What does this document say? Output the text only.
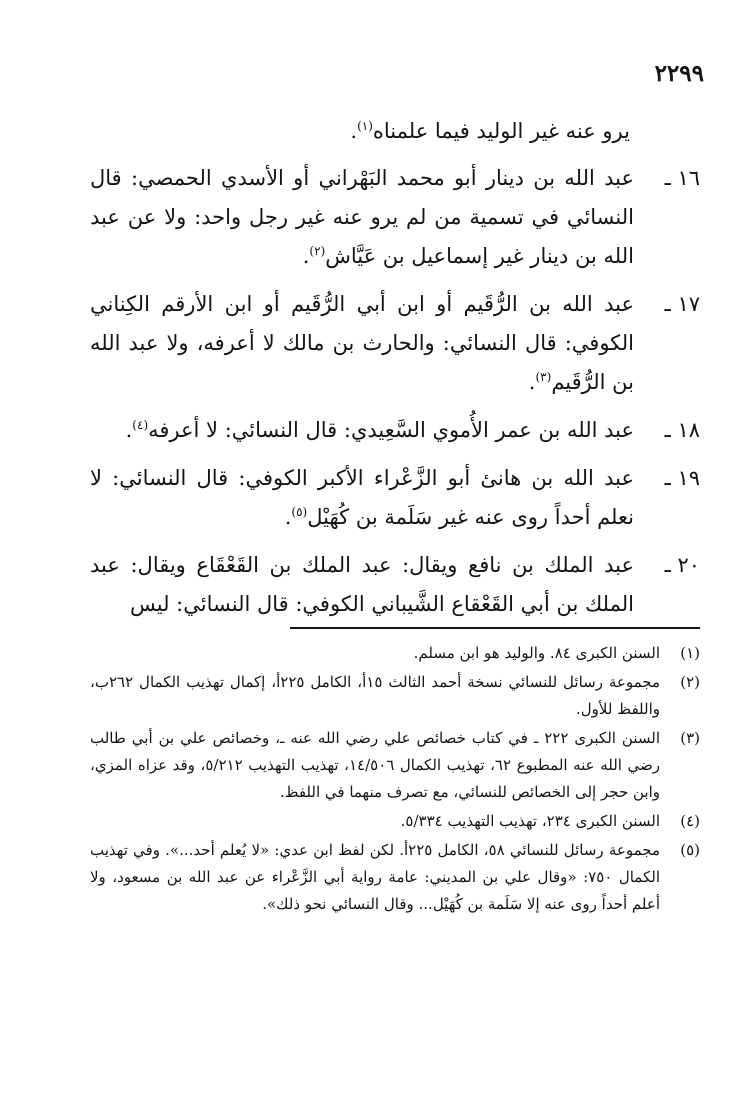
٢٢٩٩

يرو عنه غير الوليد فيما علمناه$^{(١)}$.

١٦ ـ
عبد الله بن دينار أبو محمد البَهْراني أو الأسدي الحمصي: قال النسائي في تسمية من لم يرو عنه غير رجل واحد: ولا عن عبد الله بن دينار غير إسماعيل بن عَيَّاش$^{(٢)}$.
١٧ ـ
عبد الله بن الرُّقَيم أو ابن أبي الرُّقَيم أو ابن الأرقم الكِناني الكوفي: قال النسائي: والحارث بن مالك لا أعرفه، ولا عبد الله بن الرُّقَيم$^{(٣)}$.
١٨ ـ
عبد الله بن عمر الأُموي السَّعِيدي: قال النسائي: لا أعرفه$^{(٤)}$.
١٩ ـ
عبد الله بن هانئ أبو الزَّعْراء الأكبر الكوفي: قال النسائي: لا نعلم أحداً روى عنه غير سَلَمة بن كُهَيْل$^{(٥)}$.
٢٠ ـ
عبد الملك بن نافع ويقال: عبد الملك بن القَعْقَاع ويقال: عبد الملك بن أبي القَعْقاع الشَّيباني الكوفي: قال النسائي: ليس
(١)
السنن الكبرى ٨٤. والوليد هو ابن مسلم.
(٢)
مجموعة رسائل للنسائي نسخة أحمد الثالث ١٥أ، الكامل ٢٢٥أ، إكمال تهذيب الكمال ٢٦٢ب، واللفظ للأول.
(٣)
السنن الكبرى ٢٢٢ ـ في كتاب خصائص علي رضي الله عنه ـ، وخصائص علي بن أبي طالب رضي الله عنه المطبوع ٦٢، تهذيب الكمال ١٤/٥٠٦، تهذيب التهذيب ٥/٢١٢، وقد عزاه المزي، وابن حجر إلى الخصائص للنسائي، مع تصرف منهما في اللفظ.
(٤)
السنن الكبرى ٢٣٤، تهذيب التهذيب ٥/٣٣٤.
(٥)
مجموعة رسائل للنسائي ٥٨، الكامل ٢٢٥أ. لكن لفظ ابن عدي: «لا يُعلم أحد...». وفي تهذيب الكمال ٧٥٠: «وقال علي بن المديني: عامة رواية أبي الزَّعْراء عن عبد الله بن مسعود، ولا أعلم أحداً روى عنه إلا سَلَمة بن كُهَيْل... وقال النسائي نحو ذلك».
